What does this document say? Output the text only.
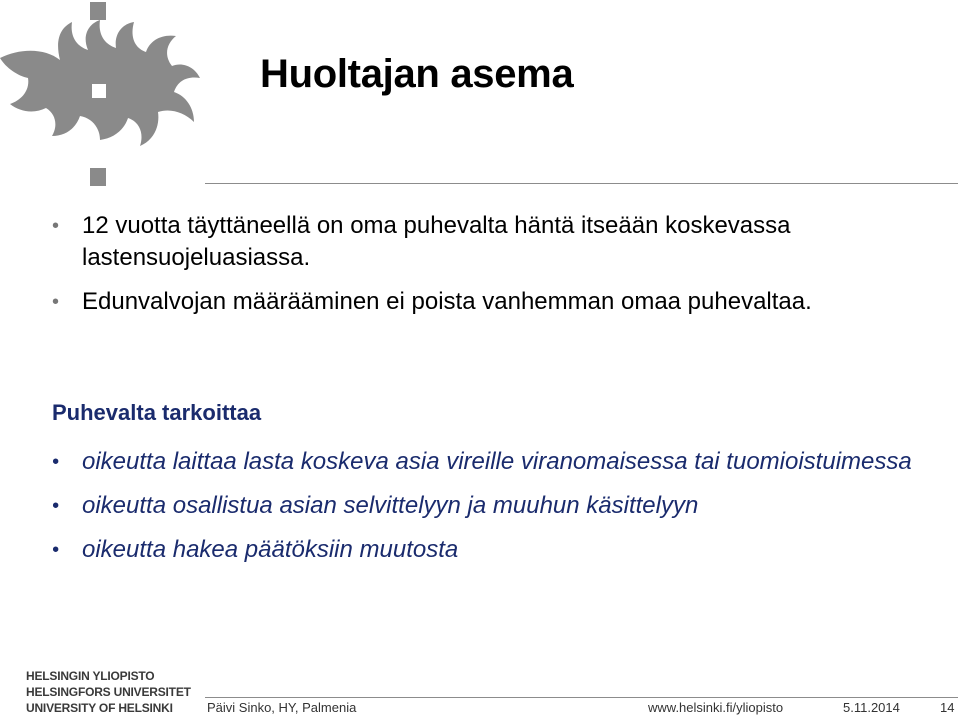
Huoltajan asema
• 12 vuotta täyttäneellä on oma puhevalta häntä itseään koskevassa lastensuojeluasiassa.
• Edunvalvojan määrääminen ei poista vanhemman omaa puhevaltaa.
Puhevalta tarkoittaa
• oikeutta laittaa lasta koskeva asia vireille viranomaisessa tai tuomioistuimessa
• oikeutta osallistua asian selvittelyyn ja muuhun käsittelyyn
• oikeutta hakea päätöksiin muutosta
HELSINGIN YLIOPISTO
HELSINGFORS UNIVERSITET
UNIVERSITY OF HELSINKI	Päivi Sinko, HY, Palmenia	www.helsinki.fi/yliopisto	5.11.2014	14
